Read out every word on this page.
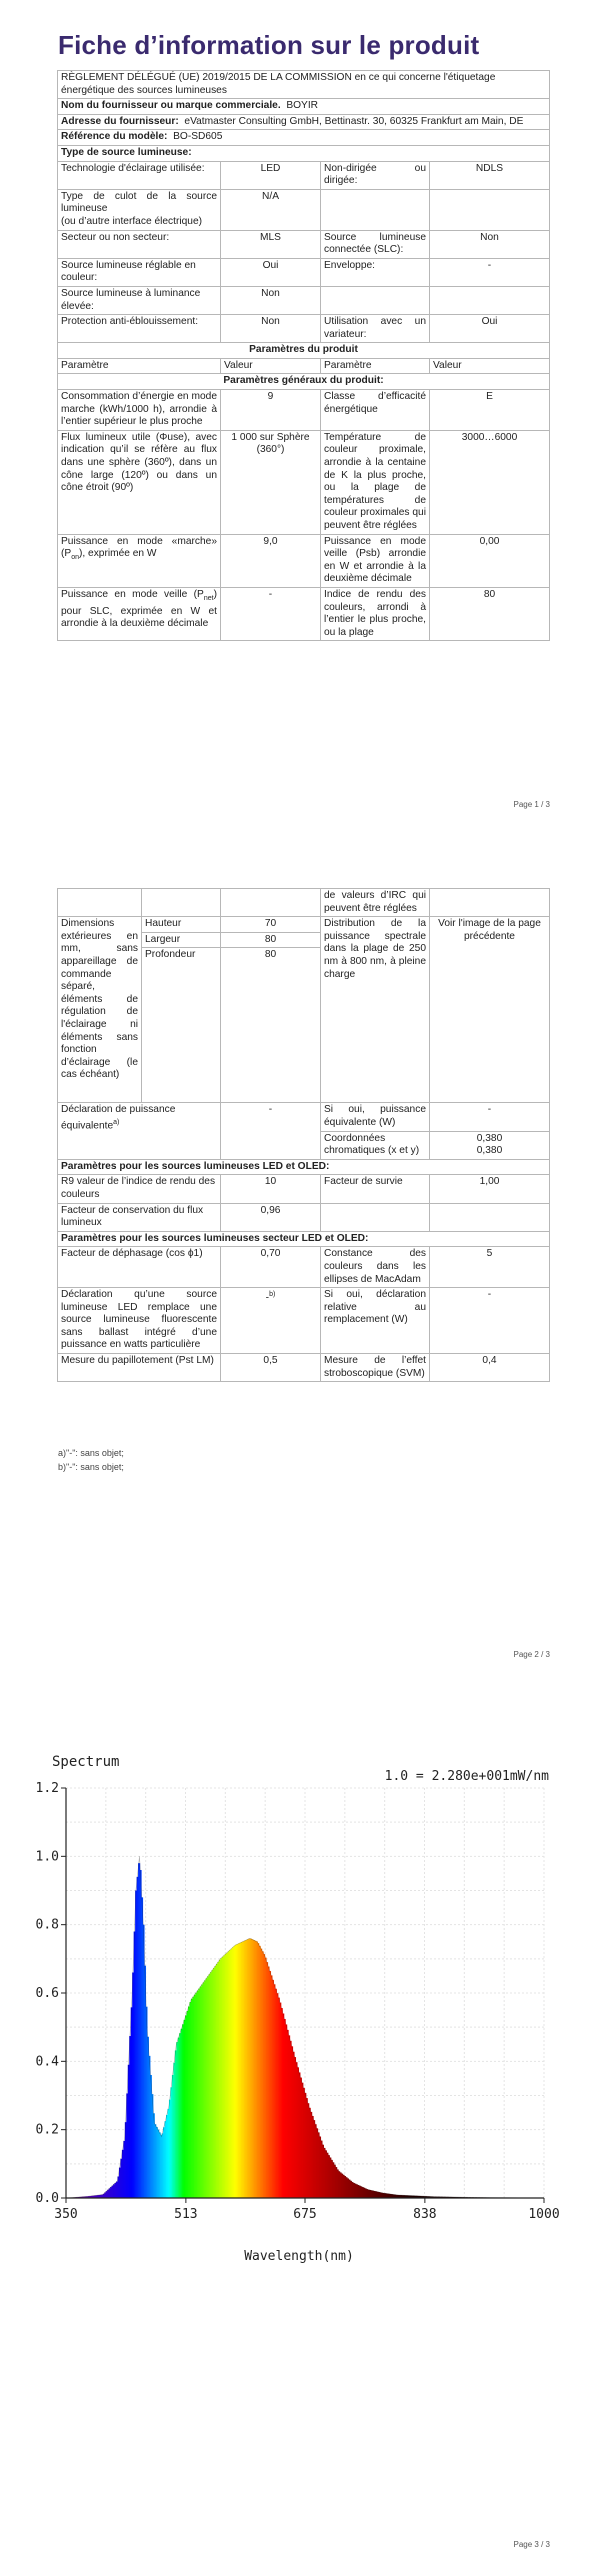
Fiche d’information sur le produit
RÈGLEMENT DÉLÉGUÉ (UE) 2019/2015 DE LA COMMISSION en ce qui concerne l'étiquetage énergétique des sources lumineuses			
Nom du fournisseur ou marque commerciale. BOYIR			
Adresse du fournisseur: eVatmaster Consulting GmbH, Bettinastr. 30, 60325 Frankfurt am Main, DE			
Référence du modèle: BO-SD605			
Type de source lumineuse:			
Technologie d'éclairage utilisée:	LED	Non-dirigée ou dirigée:	NDLS
Type de culot de la source lumineuse
(ou d’autre interface électrique)	N/A		
Secteur ou non secteur:	MLS	Source lumineuse connectée (SLC):	Non
Source lumineuse réglable en couleur:	Oui	Enveloppe:	-
Source lumineuse à luminance élevée:	Non		
Protection anti-éblouissement:	Non	Utilisation avec un variateur:	Oui
Paramètres du produit			
Paramètre	Valeur	Paramètre	Valeur
Paramètres généraux du produit:			
Consommation d’énergie en mode marche (kWh/1000 h), arrondie à l’entier supérieur le plus proche	9	Classe d’efficacité énergétique	E
Flux lumineux utile (Φuse), avec indication qu’il se réfère au flux dans une sphère (360º), dans un cône large (120º) ou dans un cône étroit (90º)	1 000 sur Sphère (360°)	Température de couleur proximale, arrondie à la centaine de K la plus proche, ou la plage de températures de couleur proximales qui peuvent être réglées	3000…6000
Puissance en mode «marche» $(P_{on})$, exprimée en W	9,0	Puissance en mode veille (Psb) arrondie en W et arrondie à la deuxième décimale	0,00
Puissance en mode veille $(P_{net})$ pour SLC, exprimée en W et arrondie à la deuxième décimale	-	Indice de rendu des couleurs, arrondi à l’entier le plus proche, ou la plage	80
Page 1 / 3
			de valeurs d’IRC qui peuvent être réglées	
Dimensions extérieures en mm, sans appareillage de commande séparé, éléments de régulation de l'éclairage ni éléments sans fonction d’éclairage (le cas échéant)	Hauteur	70	Distribution de la puissance spectrale dans la plage de 250 nm à 800 nm, à pleine charge	Voir l'image de la page précédente
	Largeur	80		
	Profondeur	80		
Déclaration de puissance équivalente$^{a)}$		-	Si oui, puissance équivalente (W)	-
			Coordonnées chromatiques (x et y)	0,380
0,380
Paramètres pour les sources lumineuses LED et OLED:				
R9 valeur de l’indice de rendu des couleurs		10	Facteur de survie	1,00
Facteur de conservation du flux lumineux		0,96		
Paramètres pour les sources lumineuses secteur LED et OLED:				
Facteur de déphasage (cos ϕ1)		0,70	Constance des couleurs dans les ellipses de MacAdam	5
Déclaration qu’une source lumineuse LED remplace une source lumineuse fluorescente sans ballast intégré d’une puissance en watts particulière		-$^{b)}$	Si oui, déclaration relative au remplacement (W)	-
Mesure du papillotement (Pst LM)		0,5	Mesure de l’effet stroboscopique (SVM)	0,4
a)"-": sans objet;
b)"-": sans objet;
Page 2 / 3
350	513	675	838	1000
0.0
0.2
0.4
0.6
0.8
1.0
1.2
Spectrum
1.0 = 2.280e+001mW/nm
Wavelength(nm)
Page 3 / 3
